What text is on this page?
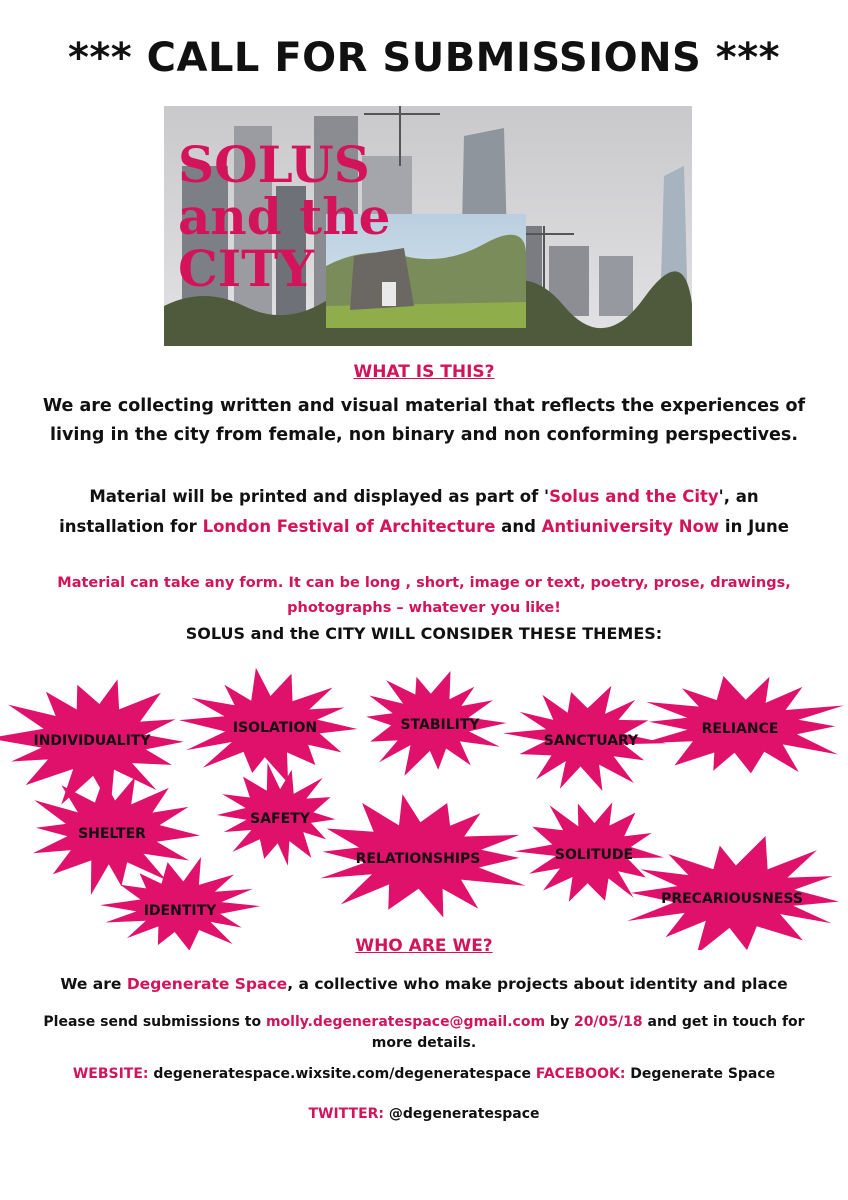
*** CALL FOR SUBMISSIONS ***
SOLUS
and the
CITY
WHAT IS THIS?
We are collecting written and visual material that reflects the experiences of
living in the city from female, non binary and non conforming perspectives.
Material will be printed and displayed as part of 'Solus and the City', an
installation for London Festival of Architecture and Antiuniversity Now in June
Material can take any form. It can be long , short, image or text, poetry, prose, drawings,
photographs – whatever you like!
SOLUS and the CITY WILL CONSIDER THESE THEMES:
INDIVIDUALITY
ISOLATION	STABILITY
SANCTUARY
RELIANCE
SHELTER
SAFETY
RELATIONSHIPS	SOLITUDE
IDENTITY
PRECARIOUSNESS
WHO ARE WE?
We are Degenerate Space, a collective who make projects about identity and place
Please send submissions to molly.degeneratespace@gmail.com by 20/05/18 and get in touch for
more details.
WEBSITE: degeneratespace.wixsite.com/degeneratespace FACEBOOK: Degenerate Space
TWITTER: @degeneratespace
